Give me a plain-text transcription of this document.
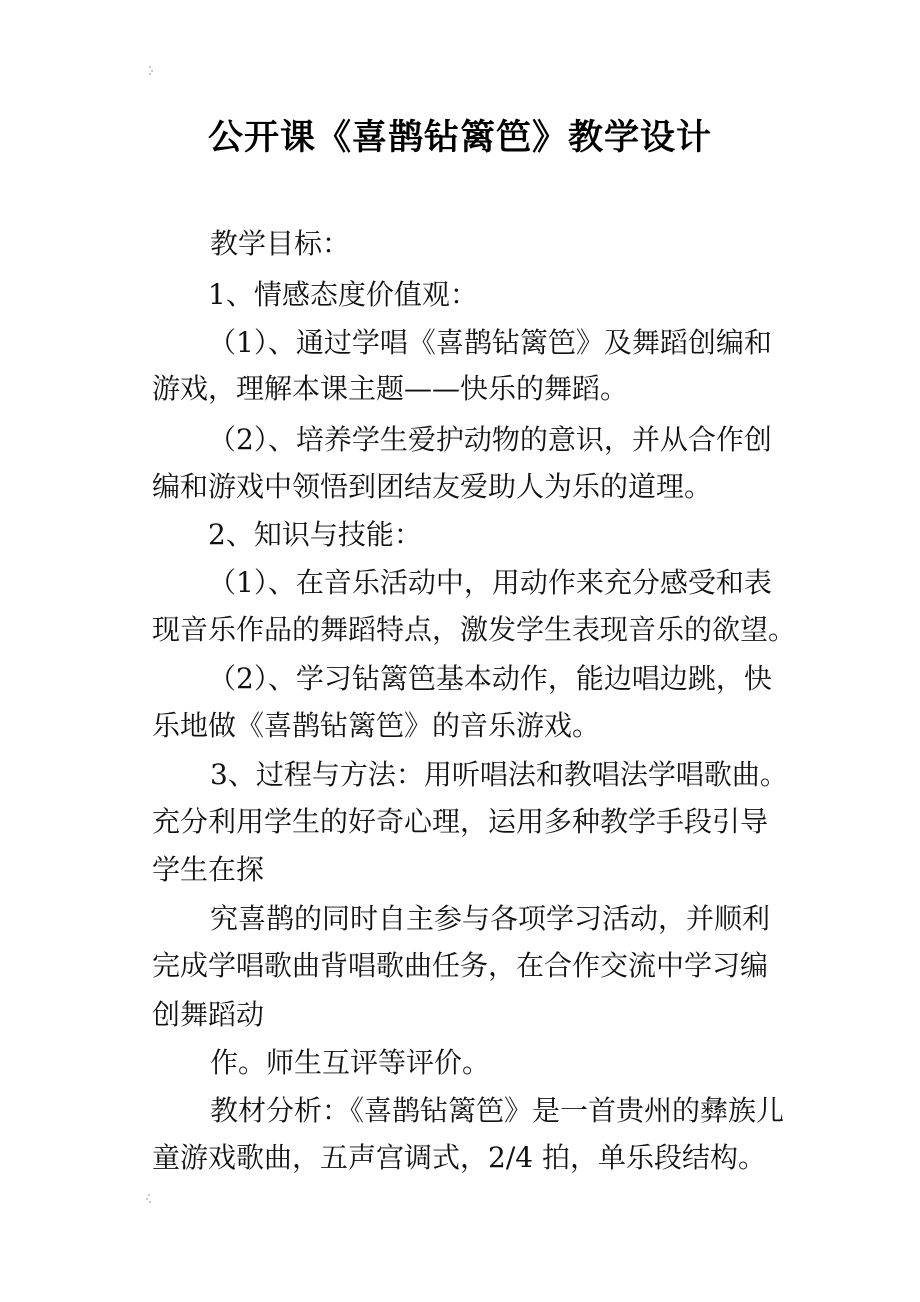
公开课《喜鹊钻篱笆》教学设计
教学目标：
1、情感态度价值观：
（1）、通过学唱《喜鹊钻篱笆》及舞蹈创编和
游戏，理解本课主题——快乐的舞蹈。
（2）、培养学生爱护动物的意识，并从合作创
编和游戏中领悟到团结友爱助人为乐的道理。
2、知识与技能：
（1）、在音乐活动中，用动作来充分感受和表
现音乐作品的舞蹈特点，激发学生表现音乐的欲望。
（2）、学习钻篱笆基本动作，能边唱边跳，快
乐地做《喜鹊钻篱笆》的音乐游戏。
3、过程与方法：用听唱法和教唱法学唱歌曲。
充分利用学生的好奇心理，运用多种教学手段引导
学生在探
究喜鹊的同时自主参与各项学习活动，并顺利
完成学唱歌曲背唱歌曲任务，在合作交流中学习编
创舞蹈动
作。师生互评等评价。
教材分析：《喜鹊钻篱笆》是一首贵州的彝族儿
童游戏歌曲，五声宫调式，2/4 拍，单乐段结构。
